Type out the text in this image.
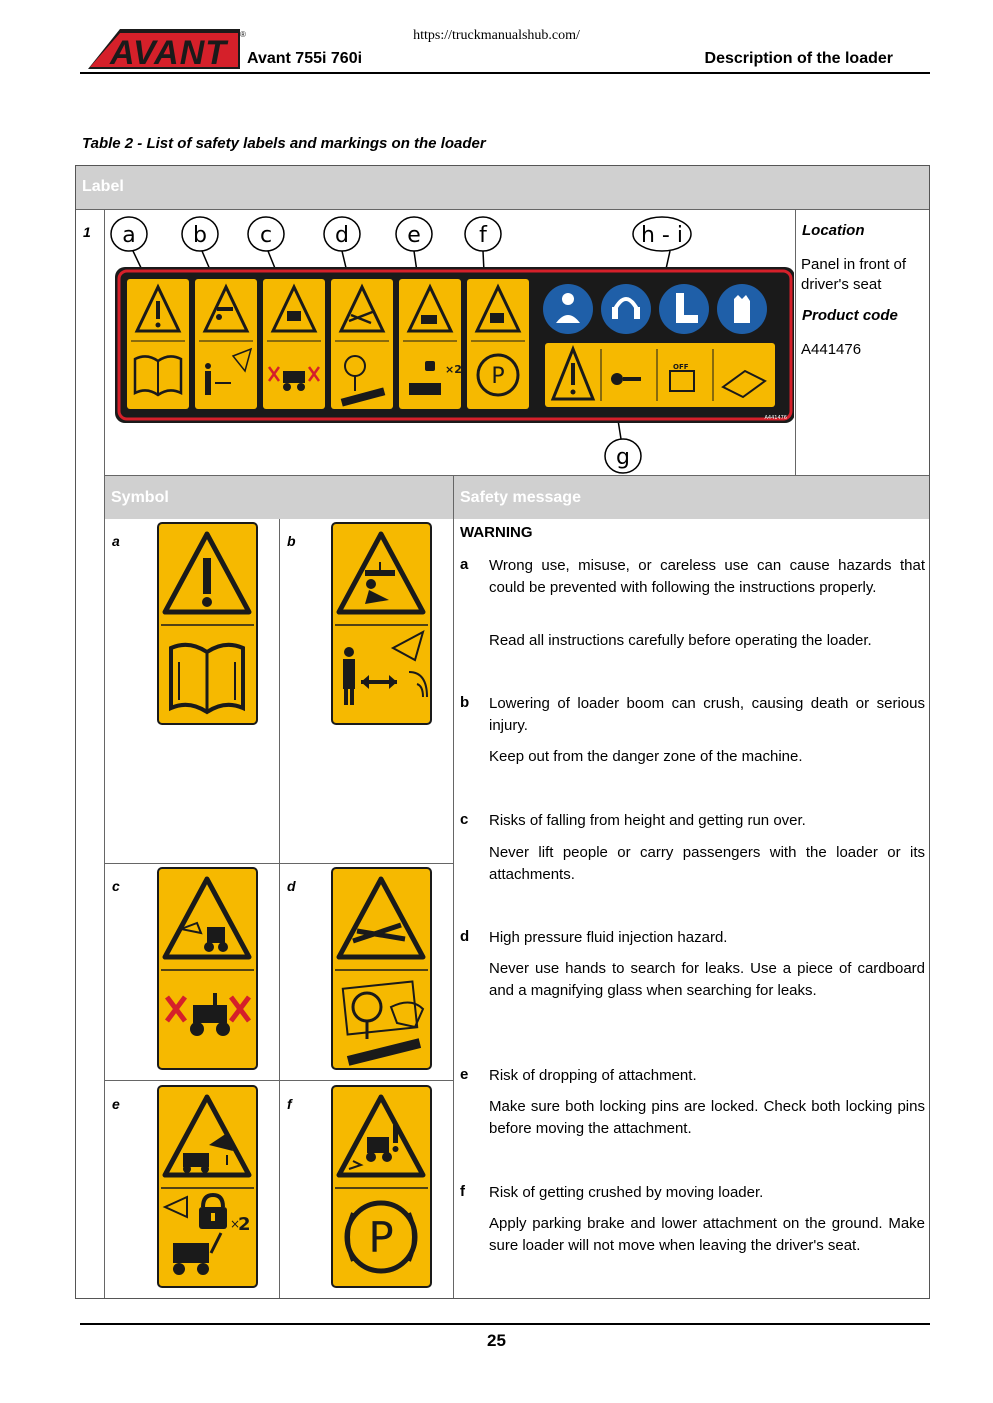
https://truckmanualshub.com/
AVANT ®
Avant 755i 760i	Description of the loader
Table 2 - List of safety labels and markings on the loader
Label
1 a	b c	d	e	f	h - i
g
×2 P	OFF
A441476
Location
Panel in front of driver's seat
Product code
A441476
Symbol	Safety message
a	b
c	d
e	f
×
2	P
WARNING
a Wrong use, misuse, or careless use can cause hazards that could be prevented with following the instructions properly.
Read all instructions carefully before operating the loader.
b Lowering of loader boom can crush, causing death or serious injury.
Keep out from the danger zone of the machine.
c Risks of falling from height and getting run over.
Never lift people or carry passengers with the loader or its attachments.
d High pressure fluid injection hazard.
Never use hands to search for leaks. Use a piece of cardboard and a magnifying glass when searching for leaks.
e Risk of dropping of attachment.
Make sure both locking pins are locked. Check both locking pins before moving the attachment.
f Risk of getting crushed by moving loader.
Apply parking brake and lower attachment on the ground. Make sure loader will not move when leaving the driver's seat.
25
